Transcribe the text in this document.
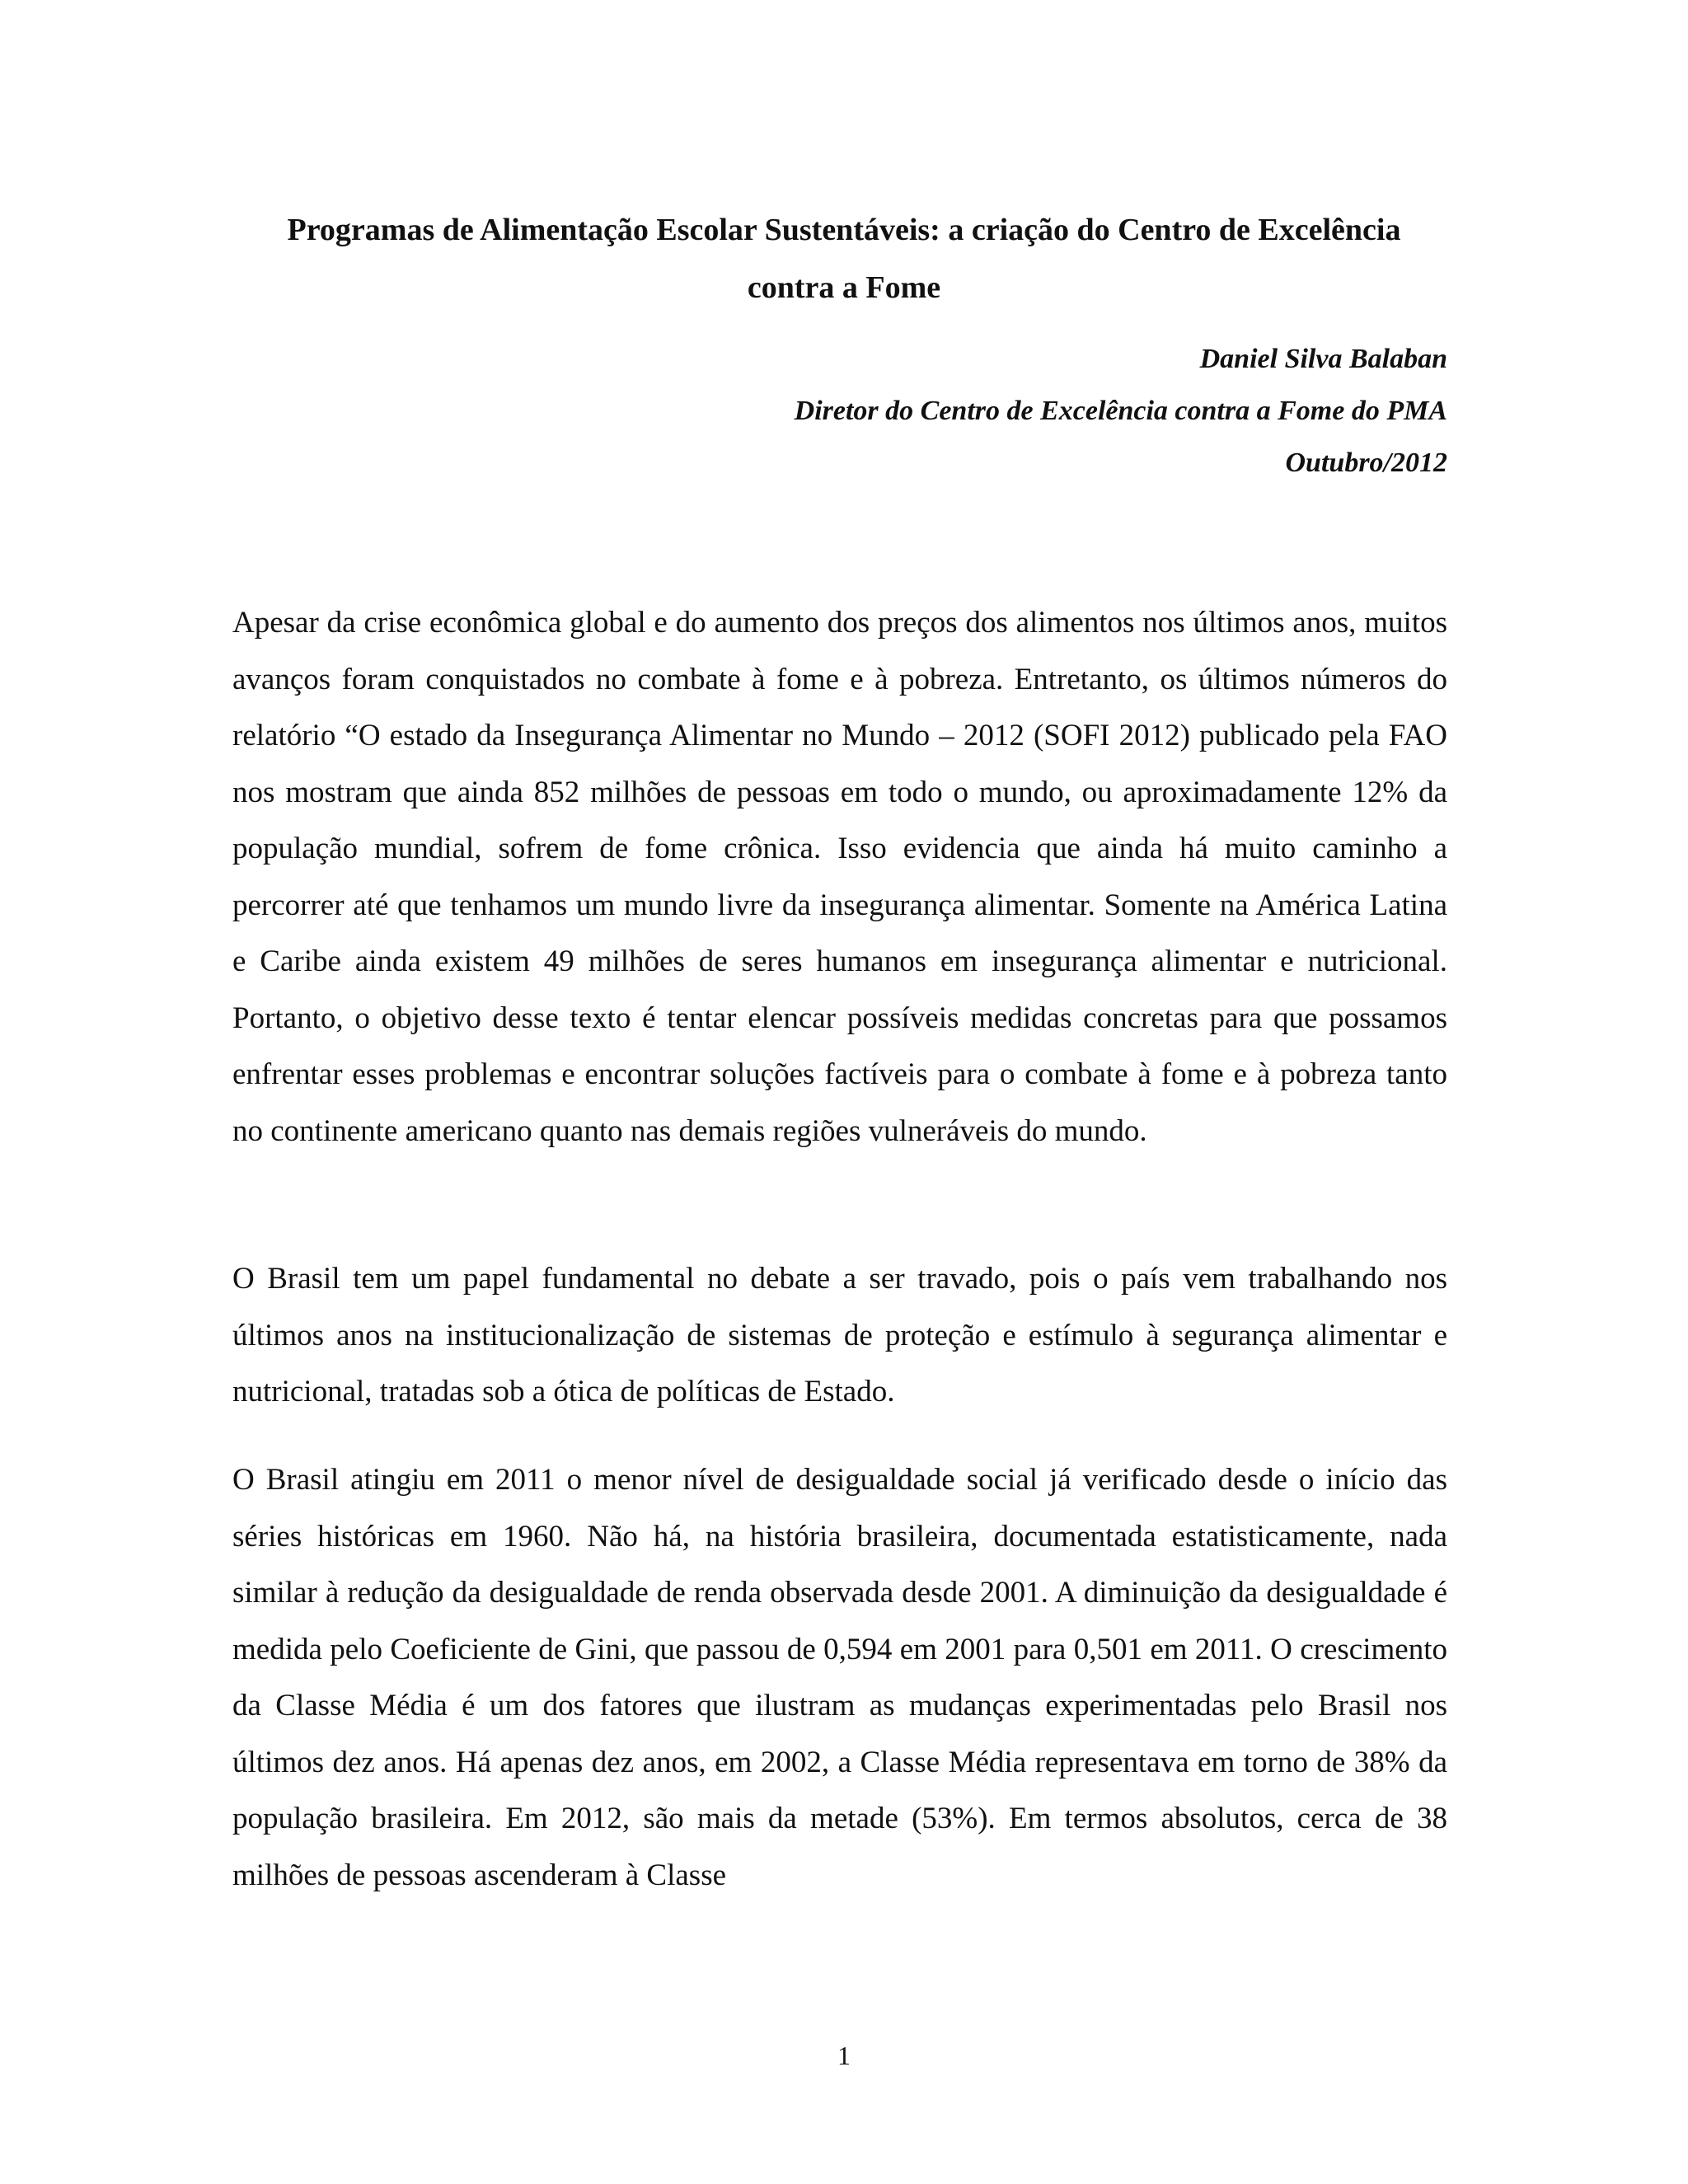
Programas de Alimentação Escolar Sustentáveis: a criação do Centro de Excelência
contra a Fome

Daniel Silva Balaban

Diretor do Centro de Excelência contra a Fome do PMA

Outubro/2012

Apesar da crise econômica global e do aumento dos preços dos alimentos nos últimos anos, muitos avanços foram conquistados no combate à fome e à pobreza. Entretanto, os últimos números do relatório “O estado da Insegurança Alimentar no Mundo – 2012 (SOFI 2012) publicado pela FAO nos mostram que ainda 852 milhões de pessoas em todo o mundo, ou aproximadamente 12% da população mundial, sofrem de fome crônica. Isso evidencia que ainda há muito caminho a percorrer até que tenhamos um mundo livre da insegurança alimentar. Somente na América Latina e Caribe ainda existem 49 milhões de seres humanos em insegurança alimentar e nutricional. Portanto, o objetivo desse texto é tentar elencar possíveis medidas concretas para que possamos enfrentar esses problemas e encontrar soluções factíveis para o combate à fome e à pobreza tanto no continente americano quanto nas demais regiões vulneráveis do mundo.

O Brasil tem um papel fundamental no debate a ser travado, pois o país vem trabalhando nos últimos anos na institucionalização de sistemas de proteção e estímulo à segurança alimentar e nutricional, tratadas sob a ótica de políticas de Estado.

O Brasil atingiu em 2011 o menor nível de desigualdade social já verificado desde o início das séries históricas em 1960. Não há, na história brasileira, documentada estatisticamente, nada similar à redução da desigualdade de renda observada desde 2001. A diminuição da desigualdade é medida pelo Coeficiente de Gini, que passou de 0,594 em 2001 para 0,501 em 2011. O crescimento da Classe Média é um dos fatores que ilustram as mudanças experimentadas pelo Brasil nos últimos dez anos. Há apenas dez anos, em 2002, a Classe Média representava em torno de 38% da população brasileira. Em 2012, são mais da metade (53%). Em termos absolutos, cerca de 38 milhões de pessoas ascenderam à Classe

1
